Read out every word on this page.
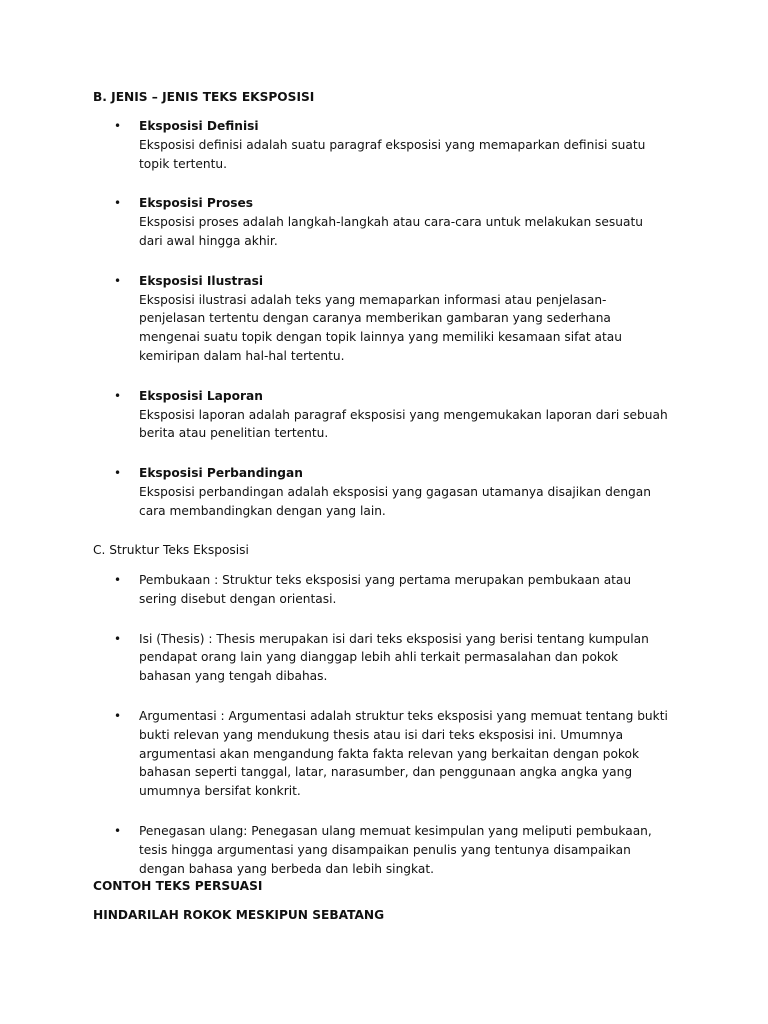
B. JENIS – JENIS TEKS EKSPOSISI

• Eksposisi Definisi
Eksposisi definisi adalah suatu paragraf eksposisi yang memaparkan definisi suatu topik tertentu.
• Eksposisi Proses
Eksposisi proses adalah langkah-langkah atau cara-cara untuk melakukan sesuatu dari awal hingga akhir.
• Eksposisi Ilustrasi
Eksposisi ilustrasi adalah teks yang memaparkan informasi atau penjelasan-penjelasan tertentu dengan caranya memberikan gambaran yang sederhana mengenai suatu topik dengan topik lainnya yang memiliki kesamaan sifat atau kemiripan dalam hal-hal tertentu.
• Eksposisi Laporan
Eksposisi laporan adalah paragraf eksposisi yang mengemukakan laporan dari sebuah berita atau penelitian tertentu.
• Eksposisi Perbandingan
Eksposisi perbandingan adalah eksposisi yang gagasan utamanya disajikan dengan cara membandingkan dengan yang lain.

C. Struktur Teks Eksposisi

• Pembukaan : Struktur teks eksposisi yang pertama merupakan pembukaan atau sering disebut dengan orientasi.
• Isi (Thesis) : Thesis merupakan isi dari teks eksposisi yang berisi tentang kumpulan pendapat orang lain yang dianggap lebih ahli terkait permasalahan dan pokok bahasan yang tengah dibahas.
• Argumentasi : Argumentasi adalah struktur teks eksposisi yang memuat tentang bukti bukti relevan yang mendukung thesis atau isi dari teks eksposisi ini. Umumnya argumentasi akan mengandung fakta fakta relevan yang berkaitan dengan pokok bahasan seperti tanggal, latar, narasumber, dan penggunaan angka angka yang umumnya bersifat konkrit.
• Penegasan ulang: Penegasan ulang memuat kesimpulan yang meliputi pembukaan, tesis hingga argumentasi yang disampaikan penulis yang tentunya disampaikan dengan bahasa yang berbeda dan lebih singkat.

CONTOH TEKS PERSUASI

HINDARILAH ROKOK MESKIPUN SEBATANG
